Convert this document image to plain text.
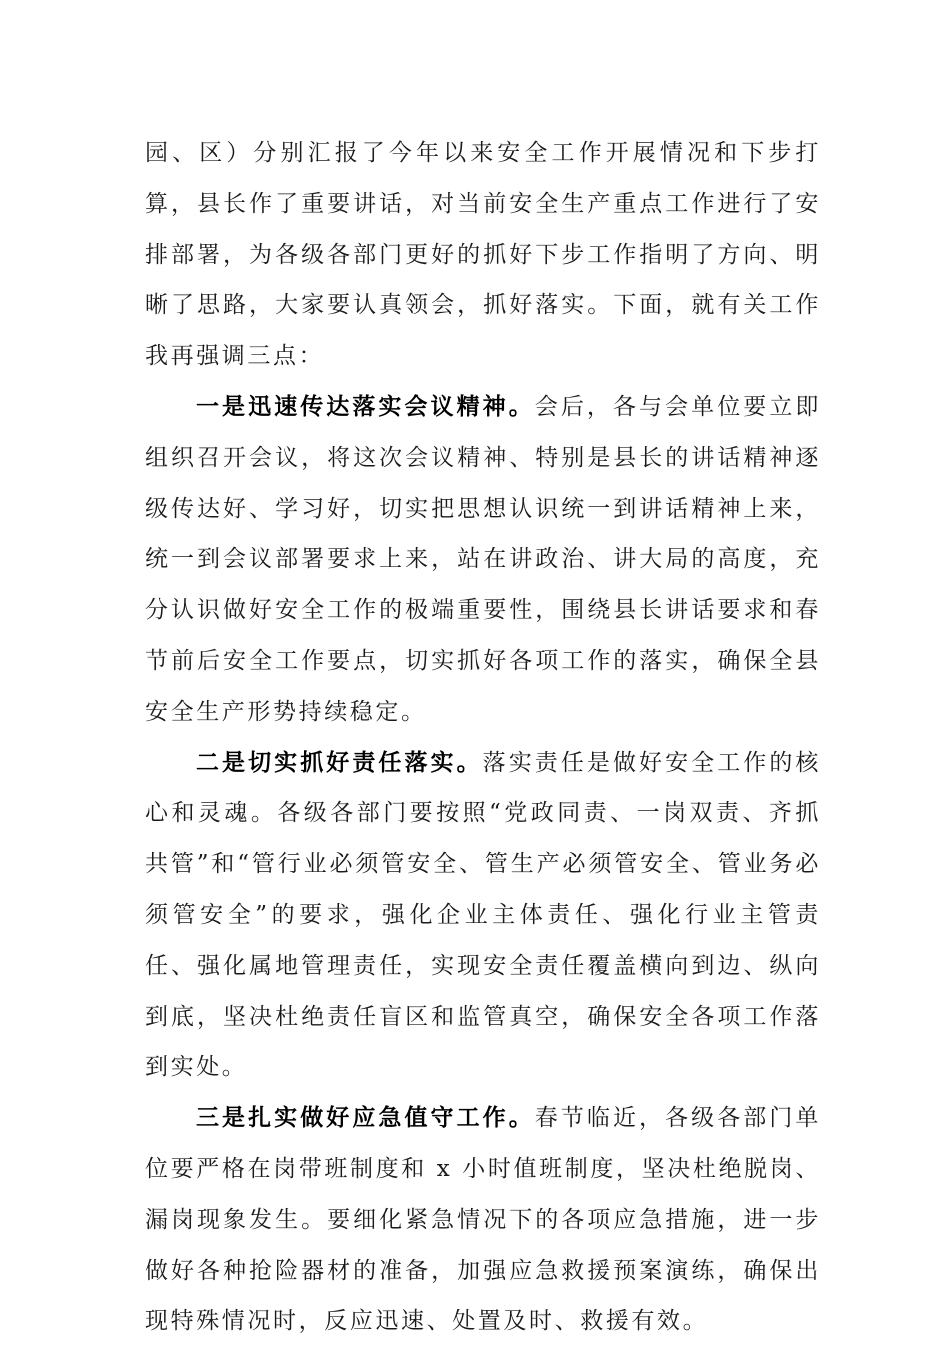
园、区）分别汇报了今年以来安全工作开展情况和下步打算，县长作了重要讲话，对当前安全生产重点工作进行了安排部署，为各级各部门更好的抓好下步工作指明了方向、明晰了思路，大家要认真领会，抓好落实。下面，就有关工作我再强调三点：

一是迅速传达落实会议精神。会后，各与会单位要立即组织召开会议，将这次会议精神、特别是县长的讲话精神逐级传达好、学习好，切实把思想认识统一到讲话精神上来，统一到会议部署要求上来，站在讲政治、讲大局的高度，充分认识做好安全工作的极端重要性，围绕县长讲话要求和春节前后安全工作要点，切实抓好各项工作的落实，确保全县安全生产形势持续稳定。

二是切实抓好责任落实。落实责任是做好安全工作的核心和灵魂。各级各部门要按照“党政同责、一岗双责、齐抓共管”和“管行业必须管安全、管生产必须管安全、管业务必须管安全”的要求，强化企业主体责任、强化行业主管责任、强化属地管理责任，实现安全责任覆盖横向到边、纵向到底，坚决杜绝责任盲区和监管真空，确保安全各项工作落到实处。

三是扎实做好应急值守工作。春节临近，各级各部门单位要严格在岗带班制度和 x 小时值班制度，坚决杜绝脱岗、漏岗现象发生。要细化紧急情况下的各项应急措施，进一步做好各种抢险器材的准备，加强应急救援预案演练，确保出现特殊情况时，反应迅速、处置及时、救援有效。
